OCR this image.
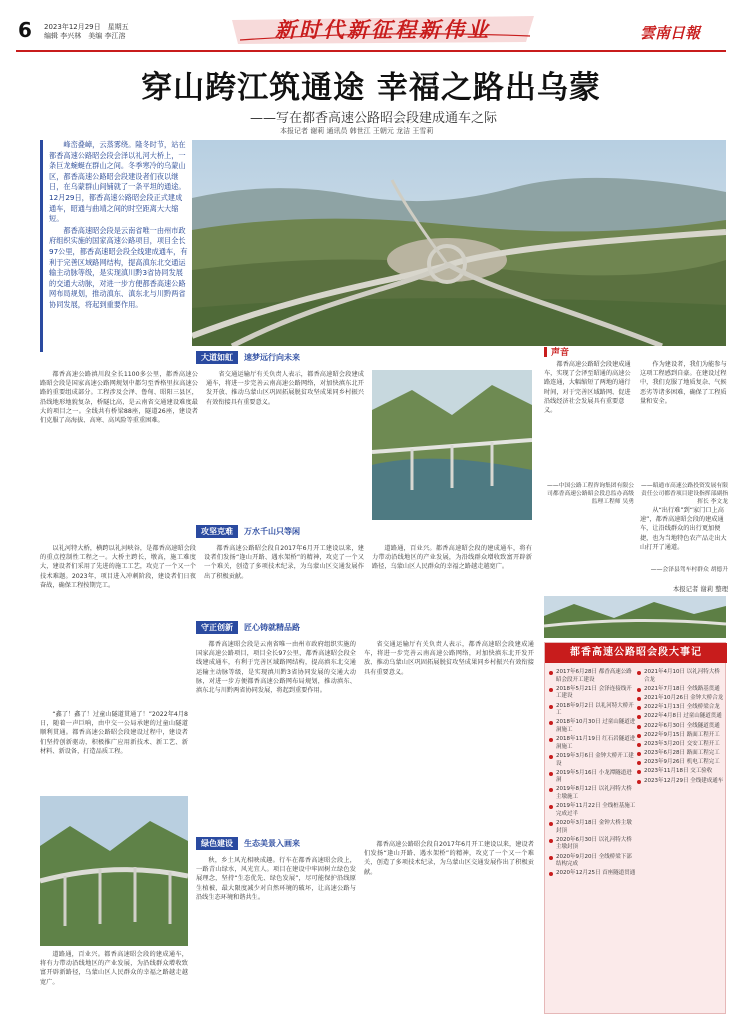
6 2023年12月29日　星期五
编辑 李兴林　美编 李江溶	新时代新征程新伟业	雲南日報
穿山跨江筑通途 幸福之路出乌蒙
——写在都香高速公路昭会段建成通车之际
本报记者 谢莉 通讯员 韩世江 王朝元 龙洁 王雪莉

峰峦叠嶂，云蒸雾绕。隆冬时节，站在都香高速公路昭会段会泽以礼河大桥上，一条巨龙蜿蜒在群山之间。冬季寒冷的乌蒙山区，都香高速公路昭会段建设者们夜以继日，在乌蒙群山间铺就了一条平坦的通途。12月29日，都香高速公路昭会段正式建成通车，昭通与曲靖之间的时空距离大大缩短。

都香高速昭会段是云南省唯一由州市政府组织实施的国家高速公路项目，项目全长97公里，都香高速昭会段全线建成通车，有利于完善区域路网结构，提高滇东北交通运输主动脉等级，是实现滇川黔3省协同发展的交通大动脉，对进一步方便都香高速公路网布局规划，推动滇东、滇东北与川黔两省协同发展，将起到重要作用。

大道如虹	速梦远行向未来
都香高速公路滇川段全长1100多公里，都香高速公路昭会段是国家高速公路网规划中都匀至香格里拉高速公路的重要组成部分。工程涉及会泽、鲁甸、昭阳三县区，沿线地形地貌复杂，桥隧比高，是云南省交通建设难度最大的项目之一。全线共有桥梁88座，隧道26座，建设者们克服了高海拔、高寒、高风险等重重困难。
省交通运输厅有关负责人表示，都香高速昭会段建成通车，将进一步完善云南高速公路网络，对加快滇东北开发开放、推动乌蒙山区巩固拓展脱贫攻坚成果同乡村振兴有效衔接具有重要意义。
攻坚克难	万水千山只等闲
以礼河特大桥，横跨以礼河峡谷，是都香高速昭会段的重点控制性工程之一。大桥主跨长，墩高，施工难度大，建设者们采用了先进的施工工艺，攻克了一个又一个技术难题。2023年，项目进入冲刺阶段，建设者们日夜奋战，确保工程按期完工。
都香高速公路昭会段自2017年6月开工建设以来，建设者们发扬“逢山开路、遇水架桥”的精神，攻克了一个又一个难关，创造了多项技术纪录，为乌蒙山区交通发展作出了积极贡献。
道路通，百业兴。都香高速昭会段的建成通车，将有力带动沿线地区的产业发展，为沿线群众增收致富开辟新路径，乌蒙山区人民群众的幸福之路越走越宽广。
守正创新	匠心铸就精品路
“鑫了！鑫了！过童山隧道贯通了！”2022年4月8日，随着一声巨响，由中交一公局承建的过童山隧道顺利贯通。都香高速公路昭会段建设过程中，建设者们坚持创新驱动，积极推广应用新技术、新工艺、新材料、新设备，打造品质工程。
都香高速昭会段是云南省唯一由州市政府组织实施的国家高速公路项目，项目全长97公里，都香高速昭会段全线建成通车，有利于完善区域路网结构，提高滇东北交通运输主动脉等级，是实现滇川黔3省协同发展的交通大动脉，对进一步方便都香高速公路网布局规划，推动滇东、滇东北与川黔两省协同发展，将起到重要作用。
省交通运输厅有关负责人表示，都香高速昭会段建成通车，将进一步完善云南高速公路网络，对加快滇东北开发开放、推动乌蒙山区巩固拓展脱贫攻坚成果同乡村振兴有效衔接具有重要意义。
绿色建设	生态美景入画来
道路通，百业兴。都香高速昭会段的建成通车，将有力带动沿线地区的产业发展，为沿线群众增收致富开辟新路径，乌蒙山区人民群众的幸福之路越走越宽广。
秋，乡土风光相映成趣。行车在都香高速昭会段上，一路青山绿水，风光宜人。项目在建设中牢固树立绿色发展理念，坚持“生态优先、绿色发展”，尽可能保护沿线原生植被，最大限度减少对自然环境的破坏，让高速公路与沿线生态环境和谐共生。
都香高速公路昭会段自2017年6月开工建设以来，建设者们发扬“逢山开路、遇水架桥”的精神，攻克了一个又一个难关，创造了多项技术纪录，为乌蒙山区交通发展作出了积极贡献。
声音
都香高速公路昭会段建成通车，实现了会泽至昭通的高速公路连通，大幅缩短了两地的通行时间，对于完善区域路网、促进沿线经济社会发展具有重要意义。
——中国公路工程咨询集团有限公司都香高速公路昭会段总监办高级监理工程师 吴勇
作为建设者，我们为能参与这项工程感到自豪。在建设过程中，我们克服了地质复杂、气候恶劣等诸多困难，确保了工程质量和安全。
——昭通市高速公路投资发展有限责任公司都香项目建设指挥部副指挥长 李文龙
从“出行难”到“家门口上高速”，都香高速昭会段的建成通车，让沿线群众的出行更加便捷，也为当地特色农产品走出大山打开了通道。
——会泽县驾车村群众 胡德升
本报记者 谢莉 整理
都香高速公路昭会段大事记
2017年6月28日 都香高速公路昭会段开工建设
2018年5月21日 会泽连接线开工建设
2018年9月2日 以礼河特大桥开工
2018年10月30日 过童山隧道进洞施工
2018年11月19日 红石岩隧道进洞施工
2019年3月6日 金钟大桥开工建设
2019年5月16日 小龙潭隧道进洞
2019年8月12日 以礼河特大桥主墩施工
2019年11月22日 全线桩基施工完成过半
2020年3月18日 金钟大桥主墩封顶
2020年6月30日 以礼河特大桥主墩封顶
2020年9月20日 全线桥梁下部结构完成
2020年12月25日 首座隧道贯通
2021年4月10日 以礼河特大桥合龙
2021年7月18日 全线路基贯通
2021年10月26日 金钟大桥合龙
2022年1月13日 全线桥梁合龙
2022年4月8日 过童山隧道贯通
2022年6月30日 全线隧道贯通
2022年9月15日 路面工程开工
2023年3月20日 交安工程开工
2023年6月28日 路面工程完工
2023年9月26日 机电工程完工
2023年11月18日 交工验收
2023年12月29日 全线建成通车
